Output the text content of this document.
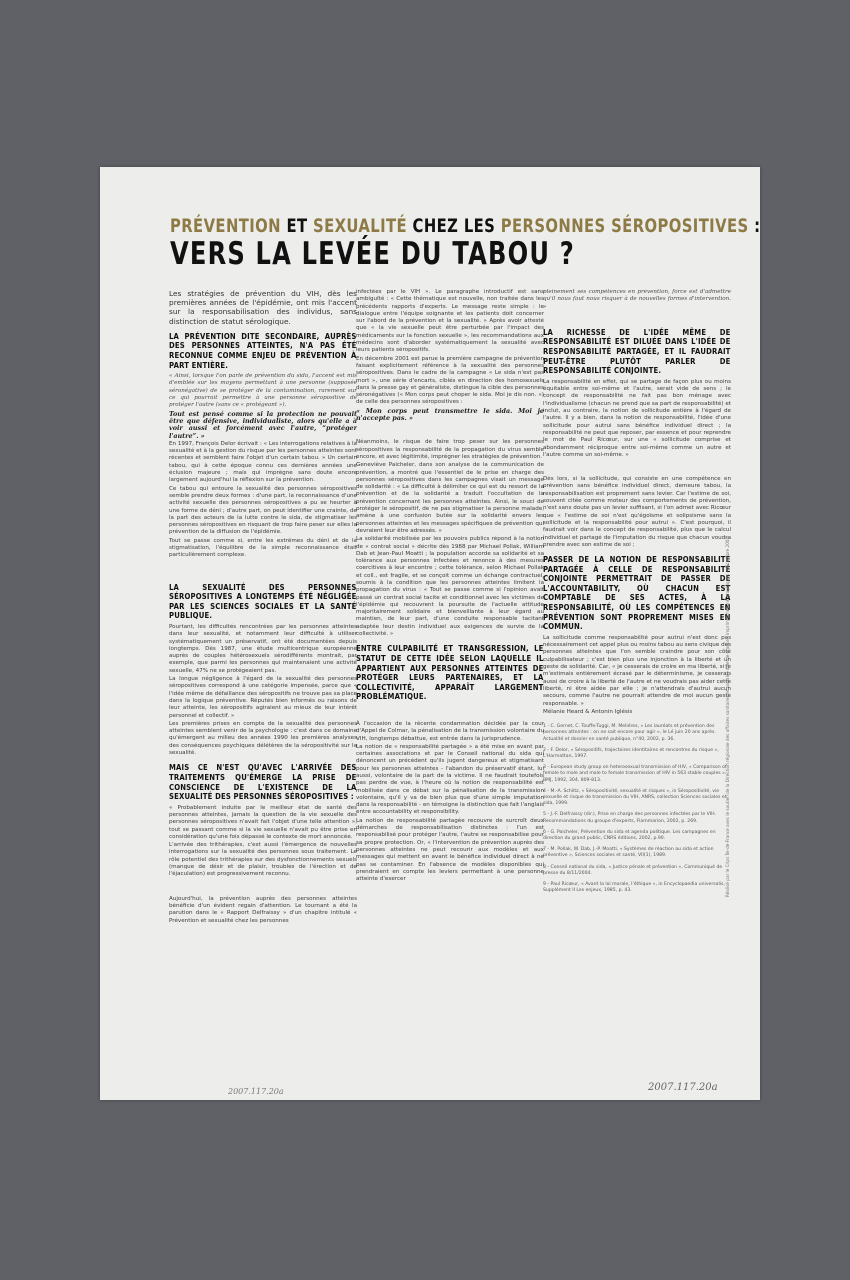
PRÉVENTION ET SEXUALITÉ CHEZ LES PERSONNES SÉROPOSITIVES :
VERS LA LEVÉE DU TABOU ?

Les stratégies de prévention du VIH, dès les premières années de l'épidémie, ont mis l'accent sur la responsabilisation des individus, sans distinction de statut sérologique.

LA PRÉVENTION DITE SECONDAIRE, AUPRÈS DES PERSONNES ATTEINTES, N'A PAS ÉTÉ RECONNUE COMME ENJEU DE PRÉVENTION À PART ENTIÈRE.

« Ainsi, lorsque l'on parle de prévention du sida, l'accent est mis d'emblée sur les moyens permettant à une personne (supposée séronégative) de se protéger de la contamination, rarement sur ce qui pourrait permettre à une personne séropositive de protéger l'autre (sans ce « protégeant »).

Tout est pensé comme si la protection ne pouvait être que défensive, individualiste, alors qu'elle a à voir aussi et forcément avec l'autre, “protéger l'autre”. »

En 1997, François Delor écrivait : « Les interrogations relatives à la sexualité et à la gestion du risque par les personnes atteintes sont récentes et semblent faire l'objet d'un certain tabou. » Un certain tabou, qui à cette époque connu ces dernières années une éclusion majeure ; mais qui imprègne sans doute encore largement aujourd'hui la réflexion sur la prévention.

Ce tabou qui entoure la sexualité des personnes séropositives semble prendre deux formes : d'une part, la reconnaissance d'une activité sexuelle des personnes séropositives a pu se heurter à une forme de déni ; d'autre part, on peut identifier une crainte, de la part des acteurs de la lutte contre le sida, de stigmatiser les personnes séropositives en risquant de trop faire peser sur elles la prévention de la diffusion de l'épidémie.

Tout se passe comme si, entre les extrêmes du déni et de la stigmatisation, l'équilibre de la simple reconnaissance était particulièrement complexe.

LA SEXUALITÉ DES PERSONNES SÉROPOSITIVES A LONGTEMPS ÉTÉ NÉGLIGÉE PAR LES SCIENCES SOCIALES ET LA SANTÉ PUBLIQUE.

Pourtant, les difficultés rencontrées par les personnes atteintes dans leur sexualité, et notamment leur difficulté à utiliser systématiquement un préservatif, ont été documentées depuis longtemps. Dès 1987, une étude multicentrique européenne auprès de couples hétérosexuels sérodifférents montrait, par exemple, que parmi les personnes qui maintenaient une activité sexuelle, 47% ne se protégeaient pas.

La longue négligence à l'égard de la sexualité des personnes séropositives correspond à une catégorie impensée, parce que « l'idée même de défaillance des séropositifs ne trouve pas sa place dans la logique préventive. Réputés bien informés ou raisons de leur atteinte, les séropositifs agiraient au mieux de leur intérêt personnel et collectif. »

Les premières prises en compte de la sexualité des personnes atteintes semblent venir de la psychologie : c'est dans ce domaine qu'émergent au milieu des années 1990 les premières analyses des conséquences psychiques délétères de la séropositivité sur la sexualité.

MAIS CE N'EST QU'AVEC L'ARRIVÉE DES TRAITEMENTS QU'ÉMERGE LA PRISE DE CONSCIENCE DE L'EXISTENCE DE LA SEXUALITÉ DES PERSONNES SÉROPOSITIVES :

« Probablement induite par le meilleur état de santé des personnes atteintes, jamais la question de la vie sexuelle des personnes séropositives n'avait fait l'objet d'une telle attention », tout se passant comme si la vie sexuelle n'avait pu être prise en considération qu'une fois dépassé le contexte de mort annoncée.

L'arrivée des trithérapies, c'est aussi l'émergence de nouvelles interrogations sur la sexualité des personnes sous traitement. Le rôle potentiel des trithérapies sur des dysfonctionnements sexuels (manque de désir et de plaisir, troubles de l'érection et de l'éjaculation) est progressivement reconnu.

Aujourd'hui, la prévention auprès des personnes atteintes bénéficie d'un évident regain d'attention. Le tournant a été la parution dans le « Rapport Delfraissy » d'un chapitre intitulé « Prévention et sexualité chez les personnes

infectées par le VIH ». Le paragraphe introductif est sans ambiguïté : « Cette thématique est nouvelle, non traitée dans les précédents rapports d'experts. Le message reste simple : le dialogue entre l'équipe soignante et les patients doit concerner sur l'abord de la prévention et la sexualité. » Après avoir attesté que « la vie sexuelle peut être perturbée par l'impact des médicaments sur la fonction sexuelle », les recommandations aux médecins sont d'aborder systématiquement la sexualité avec leurs patients séropositifs.

En décembre 2001 est parue la première campagne de prévention faisant explicitement référence à la sexualité des personnes séropositives. Dans le cadre de la campagne « Le sida n'est pas mort », une série d'encarts, ciblés en direction des homosexuels dans la presse gay et généraliste, distingue la cible des personnes séronégatives (« Mon corps peut choper le sida. Moi je dis non. ») de celle des personnes séropositives :

« Mon corps peut transmettre le sida. Moi je n'accepte pas. »

Néanmoins, le risque de faire trop peser sur les personnes séropositives la responsabilité de la propagation du virus semble encore, et avec légitimité, imprégner les stratégies de prévention.

Geneviève Paicheler, dans son analyse de la communication de prévention, a montré que l'essentiel de le prise en charge des personnes séropositives dans les campagnes visait un message de solidarité : « La difficulté à délimiter ce qui est du ressort de la prévention et de la solidarité a traduit l'occultation de la prévention concernant les personnes atteintes. Ainsi, le souci de protéger le séropositif, de ne pas stigmatiser la personne malade, amène à une confusion butée sur la solidarité envers les personnes atteintes et les messages spécifiques de prévention qui devraient leur être adressés. »

La solidarité mobilisée par les pouvoirs publics répond à la notion de « contrat social » décrite dès 1988 par Michael Pollak, William Dab et Jean-Paul Moatti ; la population accorde sa solidarité et sa tolérance aux personnes infectées et renonce à des mesures coercitives à leur encontre ; cette tolérance, selon Michael Pollak et coll., est fragile, et se conçoit comme un échange contractuel, soumis à la condition que les personnes atteintes limitent la propagation du virus : « Tout se passe comme si l'opinion avait passé un contrat social tacite et conditionnel avec les victimes de l'épidémie qui recouvrent la poursuite de l'actuelle attitude majoritairement solidaire et bienveillante à leur égard au maintien, de leur part, d'une conduite responsable tacitant adaptée leur destin individuel aux exigences de survie de la collectivité. »

ENTRE CULPABILITÉ ET TRANSGRESSION, LE STATUT DE CETTE IDÉE SELON LAQUELLE IL APPARTIENT AUX PERSONNES ATTEINTES DE PROTÉGER LEURS PARTENAIRES, ET LA COLLECTIVITÉ, APPARAÎT LARGEMENT PROBLÉMATIQUE.

À l'occasion de la récente condamnation décidée par la cour d'Appel de Colmar, la pénalisation de la transmission volontaire du VIH, longtemps débattue, est entrée dans la jurisprudence.

La notion de « responsabilité partagée » a été mise en avant par certaines associations et par le Conseil national du sida qui dénoncent un précédent qu'ils jugent dangereux et stigmatisant pour les personnes atteintes - l'abandon du préservatif étant, lui aussi, volontaire de la part de la victime. Il ne faudrait toutefois pas perdre de vue, à l'heure où la notion de responsabilité est mobilisée dans ce débat sur la pénalisation de la transmission volontaire, qu'il y va de bien plus que d'une simple imputation dans la responsabilité - en témoigne la distinction que fait l'anglais entre accountability et responsibility.

La notion de responsabilité partagée recouvre de surcroît deux démarches de responsabilisation distinctes : l'un est responsabilisé pour protéger l'autre, l'autre se responsabilise pour sa propre protection. Or, « l'intervention de prévention auprès des personnes atteintes ne peut recourir aux modèles et aux messages qui mettent en avant le bénéfice individuel direct à ne pas se contaminer. En l'absence de modèles disponibles qui prendraient en compte les leviers permettant à une personne atteinte d'exercer

pleinement ses compétences en prévention, force est d'admettre qu'il nous faut nous risquer à de nouvelles formes d'intervention. »

LA RICHESSE DE L'IDÉE MÊME DE RESPONSABILITÉ EST DILUÉE DANS L'IDÉE DE RESPONSABILITÉ PARTAGÉE, ET IL FAUDRAIT PEUT-ÊTRE PLUTÔT PARLER DE RESPONSABILITÉ CONJOINTE.

La responsabilité en effet, qui se partage de façon plus ou moins équitable entre soi-même et l'autre, serait vide de sens ; le concept de responsabilité ne fait pas bon ménage avec l'individualisme (chacun ne prend que sa part de responsabilité) et inclut, au contraire, la notion de sollicitude entière à l'égard de l'autre. Il y a bien, dans la notion de responsabilité, l'idée d'une sollicitude pour autrui sans bénéfice individuel direct ; la responsabilité ne peut que reposer, par essence et pour reprendre le mot de Paul Ricœur, sur une « sollicitude comprise et abondamment réciproque entre soi-même comme un autre et l'autre comme un soi-même. »

Dès lors, si la sollicitude, qui consiste en une compétence en prévention sans bénéfice individuel direct, demeure tabou, la responsabilisation est proprement sans levier. Car l'estime de soi, souvent citée comme moteur des comportements de prévention, n'est sans doute pas un levier suffisant, si l'on admet avec Ricœur que « l'estime de soi n'est qu'égoïsme et solipsisme sans la sollicitude et la responsabilité pour autrui ». C'est pourquoi, il faudrait voir dans le concept de responsabilité, plus que le calcul individuel et partagé de l'imputation du risque que chacun voudra prendre avec son estime de soi ;

PASSER DE LA NOTION DE RESPONSABILITÉ PARTAGÉE À CELLE DE RESPONSABILITÉ CONJOINTE PERMETTRAIT DE PASSER DE L'ACCOUNTABILITY, OÙ CHACUN EST COMPTABLE DE SES ACTES, À LA RESPONSABILITÉ, OÙ LES COMPÉTENCES EN PRÉVENTION SONT PROPREMENT MISES EN COMMUN.

La sollicitude comme responsabilité pour autrui n'est donc pas nécessairement cet appel plus ou moins tabou au sens civique des personnes atteintes que l'on semble craindre pour son côté culpabilisateur ; c'est bien plus une injonction à la liberté et un geste de solidarité. Car, « je cesserais de croire en ma liberté, si je m'estimais entièrement écrasé par le déterminisme, je cesserais aussi de croire à la liberté de l'autre et ne voudrais pas aider cette liberté, ni être aidée par elle ; je n'attendrais d'autrui aucun secours, comme l'autre ne pourrait attendre de moi aucun geste responsable. »

Mélanie Heard & Antonin Iglésis

1 - C. Gernet, C. Touffe-Tuggi, M. Meliéres, « Les lauréats et prévention des personnes atteintes : on ne sait encore pour agir », le Lé juin 20 ans après. Actualité et dossier en santé publique, n°40, 2002, p. 36.

2 - F. Delor, « Séropositifs, trajectoires identitaires et rencontres du risque », L'Harmattan, 1997.

3 - European study group on heterosexual transmission of HIV, « Comparison of female to male and male to female transmission of HIV in 563 stable couples », BMJ, 1992, 304, 809-813.

4 - M.-A. Schiltz, « Séropositivité, sexualité et risques », in Séropositivité, vie sexuelle et risque de transmission du VIH, ANRS, collection Sciences sociales et sida, 1999.

5 - J.-F. Delfraissy (dir.), Prise en charge des personnes infectées par le VIH. Recommandations du groupe d'experts, Flammarion, 2002, p. 269.

6 - G. Paicheler, Prévention du sida et agenda politique. Les campagnes en direction du grand public, CNRS éditions, 2002, p.90.

7 - M. Pollak, W. Dab, J.-P. Moatti, « Systèmes de réaction au sida et action préventive », Sciences sociales et santé, VII(1), 1989.

8 - Conseil national du sida, « Justice pénale et prévention », Communiqué de presse du 8/11/2004.

9 - Paul Ricœur, « Avant la loi morale, l'éthique », in Encyclopaedia universalis, Supplément II Les enjeux, 1985, p. 43.	Réalisé par le Crips Île-de-France avec le soutien de la Direction régionale des affaires sanitaires et sociales d'Île-de-France - Imprimé chez Ink graphiques - décembre 2004
2007.117.20a	2007.117.20a
